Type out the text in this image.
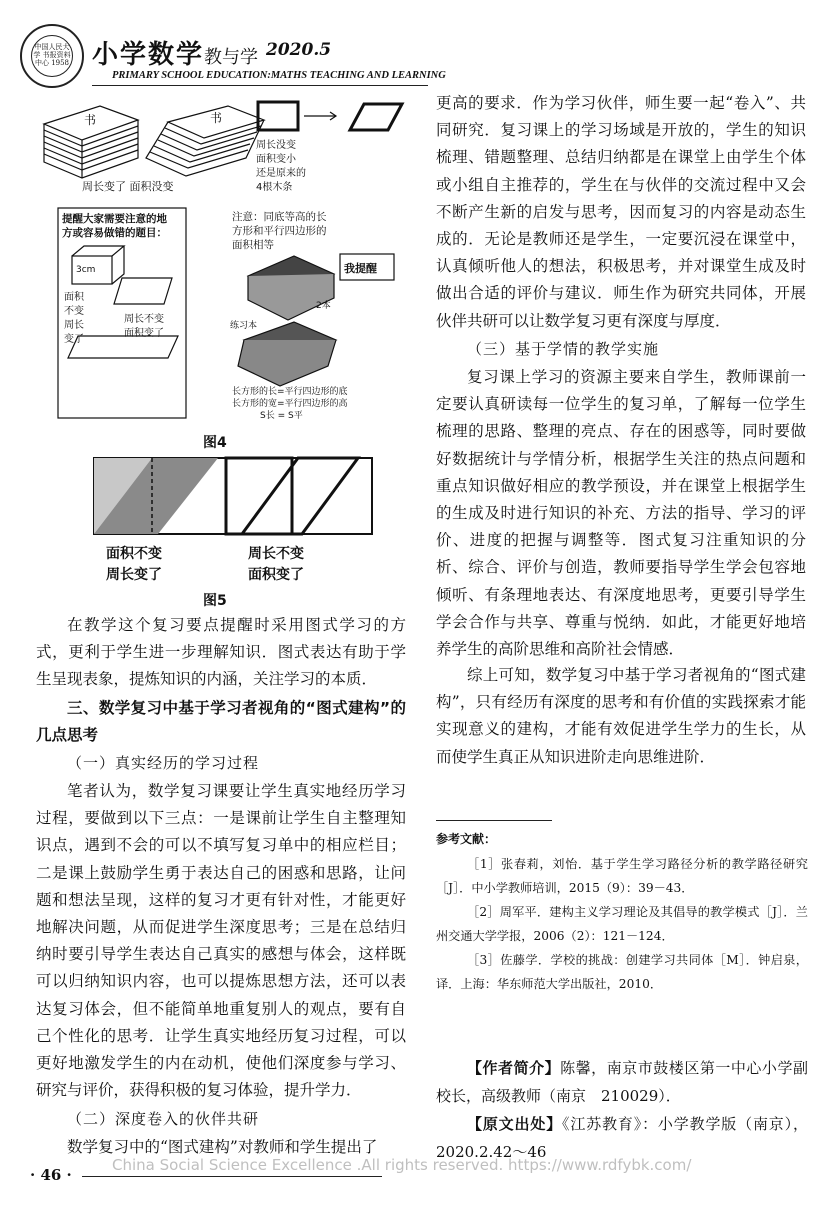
中国人民大学 书报资料中心 1958 小学数学教与学 2020.5
PRIMARY SCHOOL EDUCATION:MATHS TEACHING AND LEARNING
书	书
周长变了 面积没变
周长没变
面积变小
还是原来的
4根木条
提醒大家需要注意的地
方或容易做错的题目：
3cm
面积
不变
周长
变了
周长不变
面积变了
注意：同底等高的长
方形和平行四边形的
面积相等
我提醒
2本
练习本
长方形的长=平行四边形的底
长方形的宽=平行四边形的高
S长 = S平
图4
面积不变
周长变了
周长不变
面积变了
图5

在教学这个复习要点提醒时采用图式学习的方式，更利于学生进一步理解知识．图式表达有助于学生呈现表象，提炼知识的内涵，关注学习的本质．

三、数学复习中基于学习者视角的“图式建构”的几点思考

（一）真实经历的学习过程

笔者认为，数学复习课要让学生真实地经历学习过程，要做到以下三点：一是课前让学生自主整理知识点，遇到不会的可以不填写复习单中的相应栏目；二是课上鼓励学生勇于表达自己的困惑和思路，让问题和想法呈现，这样的复习才更有针对性，才能更好地解决问题，从而促进学生深度思考；三是在总结归纳时要引导学生表达自己真实的感想与体会，这样既可以归纳知识内容，也可以提炼思想方法，还可以表达复习体会，但不能简单地重复别人的观点，要有自己个性化的思考．让学生真实地经历复习过程，可以更好地激发学生的内在动机，使他们深度参与学习、研究与评价，获得积极的复习体验，提升学力．

（二）深度卷入的伙伴共研

数学复习中的“图式建构”对教师和学生提出了

更高的要求．作为学习伙伴，师生要一起“卷入”、共同研究．复习课上的学习场域是开放的，学生的知识梳理、错题整理、总结归纳都是在课堂上由学生个体或小组自主推荐的，学生在与伙伴的交流过程中又会不断产生新的启发与思考，因而复习的内容是动态生成的．无论是教师还是学生，一定要沉浸在课堂中，认真倾听他人的想法，积极思考，并对课堂生成及时做出合适的评价与建议．师生作为研究共同体，开展伙伴共研可以让数学复习更有深度与厚度．

（三）基于学情的教学实施

复习课上学习的资源主要来自学生，教师课前一定要认真研读每一位学生的复习单，了解每一位学生梳理的思路、整理的亮点、存在的困惑等，同时要做好数据统计与学情分析，根据学生关注的热点问题和重点知识做好相应的教学预设，并在课堂上根据学生的生成及时进行知识的补充、方法的指导、学习的评价、进度的把握与调整等．图式复习注重知识的分析、综合、评价与创造，教师要指导学生学会包容地倾听、有条理地表达、有深度地思考，更要引导学生学会合作与共享、尊重与悦纳．如此，才能更好地培养学生的高阶思维和高阶社会情感．

综上可知，数学复习中基于学习者视角的“图式建构”，只有经历有深度的思考和有价值的实践探索才能实现意义的建构，才能有效促进学生学力的生长，从而使学生真正从知识进阶走向思维进阶．

参考文献：

［1］张春莉，刘怡．基于学生学习路径分析的教学路径研究［J］．中小学教师培训，2015（9）：39－43．

［2］周军平．建构主义学习理论及其倡导的教学模式［J］．兰州交通大学学报，2006（2）：121－124．

［3］佐藤学．学校的挑战：创建学习共同体［M］．钟启泉，译．上海：华东师范大学出版社，2010．

【作者简介】陈馨，南京市鼓楼区第一中心小学副校长，高级教师（南京　210029）．

【原文出处】《江苏教育》：小学教学版（南京），2020.2.42～46

· 46 ·
China Social Science Excellence .All rights reserved. https://www.rdfybk.com/
